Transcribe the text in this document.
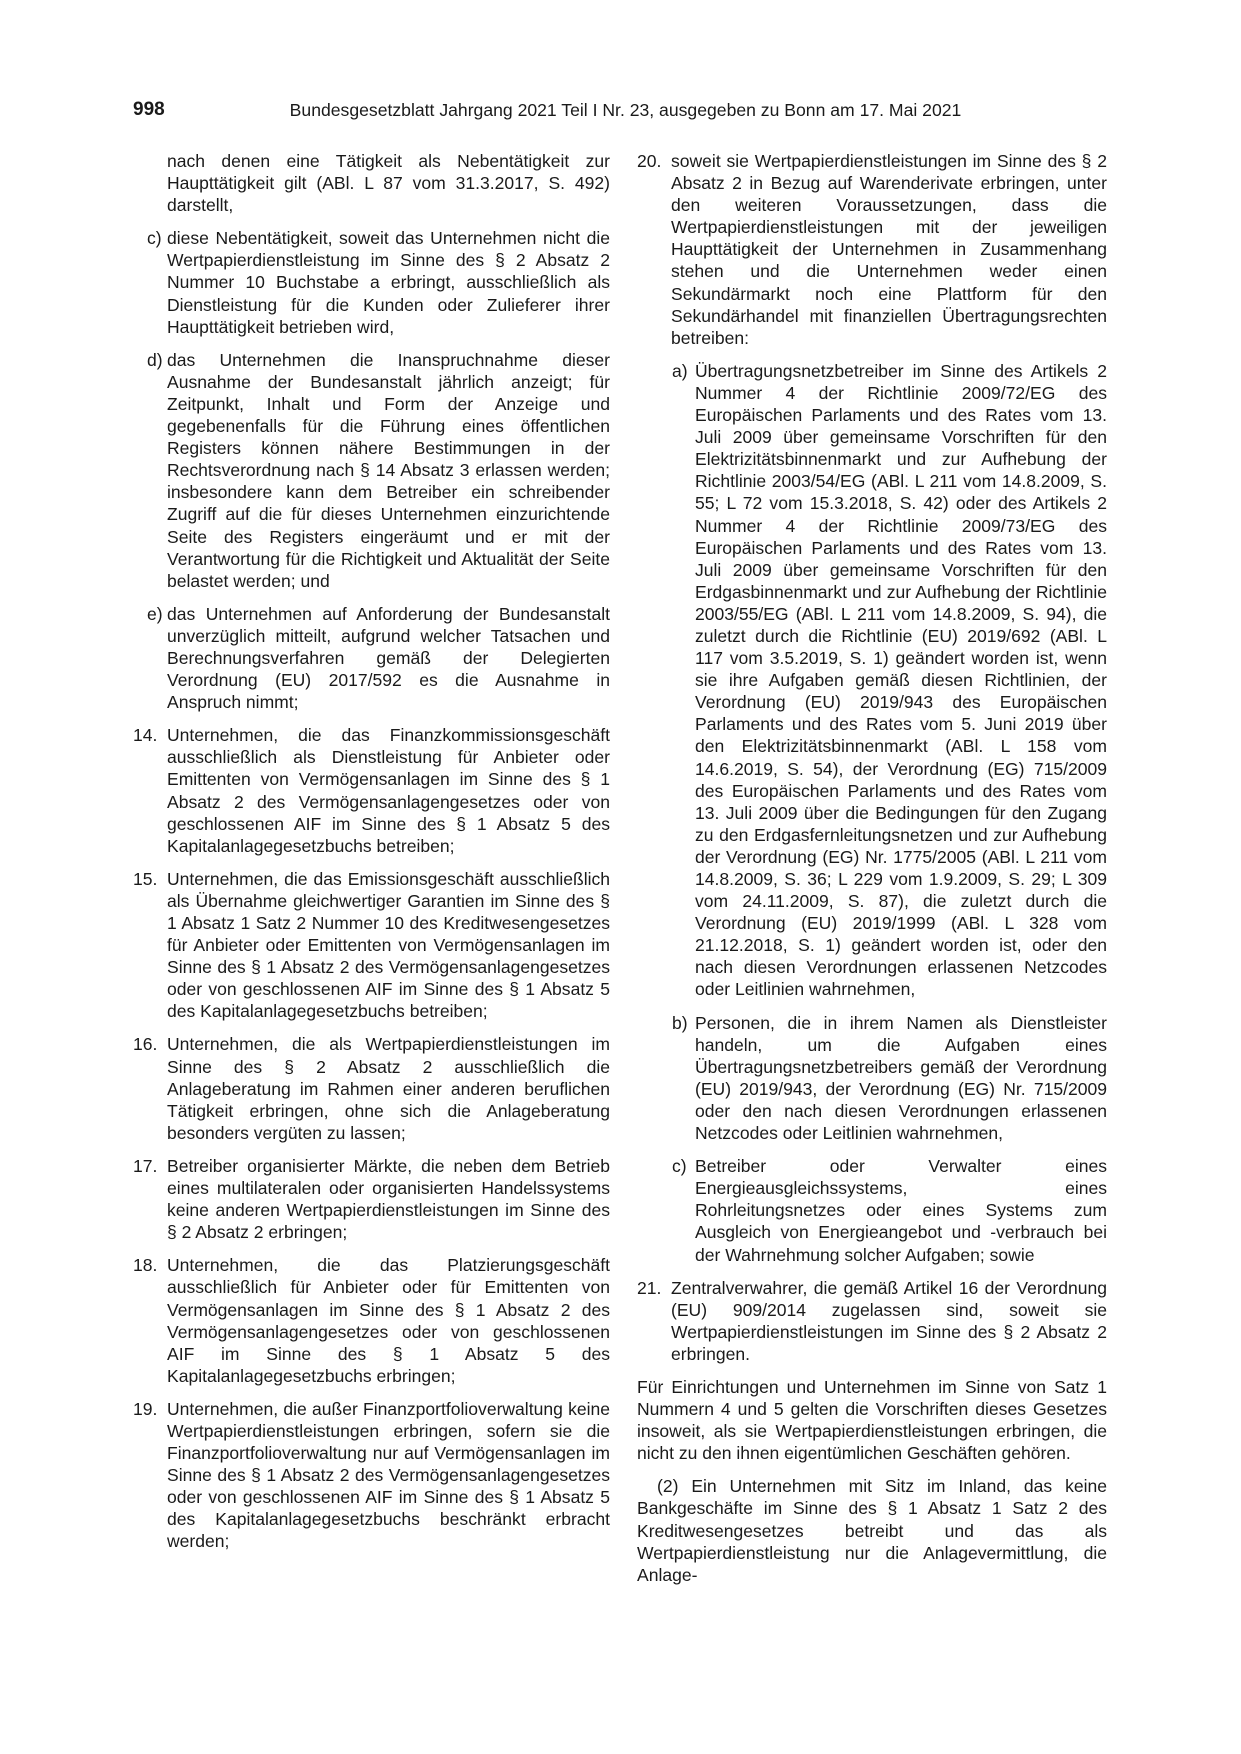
998	Bundesgesetzblatt Jahrgang 2021 Teil I Nr. 23, ausgegeben zu Bonn am 17. Mai 2021
nach denen eine Tätigkeit als Nebentätigkeit zur Haupttätigkeit gilt (ABl. L 87 vom 31.3.2017, S. 492) darstellt,
c) diese Nebentätigkeit, soweit das Unternehmen nicht die Wertpapierdienstleistung im Sinne des § 2 Absatz 2 Nummer 10 Buchstabe a erbringt, ausschließlich als Dienstleistung für die Kunden oder Zulieferer ihrer Haupttätigkeit betrieben wird,
d) das Unternehmen die Inanspruchnahme dieser Ausnahme der Bundesanstalt jährlich anzeigt; für Zeitpunkt, Inhalt und Form der Anzeige und gegebenenfalls für die Führung eines öffentlichen Registers können nähere Bestimmungen in der Rechtsverordnung nach § 14 Absatz 3 erlassen werden; insbesondere kann dem Betreiber ein schreibender Zugriff auf die für dieses Unternehmen einzurichtende Seite des Registers eingeräumt und er mit der Verantwortung für die Richtigkeit und Aktualität der Seite belastet werden; und
e) das Unternehmen auf Anforderung der Bundesanstalt unverzüglich mitteilt, aufgrund welcher Tatsachen und Berechnungsverfahren gemäß der Delegierten Verordnung (EU) 2017/592 es die Ausnahme in Anspruch nimmt;
14. Unternehmen, die das Finanzkommissionsgeschäft ausschließlich als Dienstleistung für Anbieter oder Emittenten von Vermögensanlagen im Sinne des § 1 Absatz 2 des Vermögensanlagengesetzes oder von geschlossenen AIF im Sinne des § 1 Absatz 5 des Kapitalanlagegesetzbuchs betreiben;
15. Unternehmen, die das Emissionsgeschäft ausschließlich als Übernahme gleichwertiger Garantien im Sinne des § 1 Absatz 1 Satz 2 Nummer 10 des Kreditwesengesetzes für Anbieter oder Emittenten von Vermögensanlagen im Sinne des § 1 Absatz 2 des Vermögensanlagengesetzes oder von geschlossenen AIF im Sinne des § 1 Absatz 5 des Kapitalanlagegesetzbuchs betreiben;
16. Unternehmen, die als Wertpapierdienstleistungen im Sinne des § 2 Absatz 2 ausschließlich die Anlageberatung im Rahmen einer anderen beruflichen Tätigkeit erbringen, ohne sich die Anlageberatung besonders vergüten zu lassen;
17. Betreiber organisierter Märkte, die neben dem Betrieb eines multilateralen oder organisierten Handelssystems keine anderen Wertpapierdienstleistungen im Sinne des § 2 Absatz 2 erbringen;
18. Unternehmen, die das Platzierungsgeschäft ausschließlich für Anbieter oder für Emittenten von Vermögensanlagen im Sinne des § 1 Absatz 2 des Vermögensanlagengesetzes oder von geschlossenen AIF im Sinne des § 1 Absatz 5 des Kapitalanlagegesetzbuchs erbringen;
19. Unternehmen, die außer Finanzportfolioverwaltung keine Wertpapierdienstleistungen erbringen, sofern sie die Finanzportfolioverwaltung nur auf Vermögensanlagen im Sinne des § 1 Absatz 2 des Vermögensanlagengesetzes oder von geschlossenen AIF im Sinne des § 1 Absatz 5 des Kapitalanlagegesetzbuchs beschränkt erbracht werden;
20. soweit sie Wertpapierdienstleistungen im Sinne des § 2 Absatz 2 in Bezug auf Warenderivate erbringen, unter den weiteren Voraussetzungen, dass die Wertpapierdienstleistungen mit der jeweiligen Haupttätigkeit der Unternehmen in Zusammenhang stehen und die Unternehmen weder einen Sekundärmarkt noch eine Plattform für den Sekundärhandel mit finanziellen Übertragungsrechten betreiben:
a) Übertragungsnetzbetreiber im Sinne des Artikels 2 Nummer 4 der Richtlinie 2009/72/EG des Europäischen Parlaments und des Rates vom 13. Juli 2009 über gemeinsame Vorschriften für den Elektrizitätsbinnenmarkt und zur Aufhebung der Richtlinie 2003/54/EG (ABl. L 211 vom 14.8.2009, S. 55; L 72 vom 15.3.2018, S. 42) oder des Artikels 2 Nummer 4 der Richtlinie 2009/73/EG des Europäischen Parlaments und des Rates vom 13. Juli 2009 über gemeinsame Vorschriften für den Erdgasbinnenmarkt und zur Aufhebung der Richtlinie 2003/55/EG (ABl. L 211 vom 14.8.2009, S. 94), die zuletzt durch die Richtlinie (EU) 2019/692 (ABl. L 117 vom 3.5.2019, S. 1) geändert worden ist, wenn sie ihre Aufgaben gemäß diesen Richtlinien, der Verordnung (EU) 2019/943 des Europäischen Parlaments und des Rates vom 5. Juni 2019 über den Elektrizitätsbinnenmarkt (ABl. L 158 vom 14.6.2019, S. 54), der Verordnung (EG) 715/2009 des Europäischen Parlaments und des Rates vom 13. Juli 2009 über die Bedingungen für den Zugang zu den Erdgasfernleitungsnetzen und zur Aufhebung der Verordnung (EG) Nr. 1775/2005 (ABl. L 211 vom 14.8.2009, S. 36; L 229 vom 1.9.2009, S. 29; L 309 vom 24.11.2009, S. 87), die zuletzt durch die Verordnung (EU) 2019/1999 (ABl. L 328 vom 21.12.2018, S. 1) geändert worden ist, oder den nach diesen Verordnungen erlassenen Netzcodes oder Leitlinien wahrnehmen,
b) Personen, die in ihrem Namen als Dienstleister handeln, um die Aufgaben eines Übertragungsnetzbetreibers gemäß der Verordnung (EU) 2019/943, der Verordnung (EG) Nr. 715/2009 oder den nach diesen Verordnungen erlassenen Netzcodes oder Leitlinien wahrnehmen,
c) Betreiber oder Verwalter eines Energieausgleichssystems, eines Rohrleitungsnetzes oder eines Systems zum Ausgleich von Energieangebot und -verbrauch bei der Wahrnehmung solcher Aufgaben; sowie
21. Zentralverwahrer, die gemäß Artikel 16 der Verordnung (EU) 909/2014 zugelassen sind, soweit sie Wertpapierdienstleistungen im Sinne des § 2 Absatz 2 erbringen.

Für Einrichtungen und Unternehmen im Sinne von Satz 1 Nummern 4 und 5 gelten die Vorschriften dieses Gesetzes insoweit, als sie Wertpapierdienstleistungen erbringen, die nicht zu den ihnen eigentümlichen Geschäften gehören.

(2) Ein Unternehmen mit Sitz im Inland, das keine Bankgeschäfte im Sinne des § 1 Absatz 1 Satz 2 des Kreditwesengesetzes betreibt und das als Wertpapierdienstleistung nur die Anlagevermittlung, die Anlage-
